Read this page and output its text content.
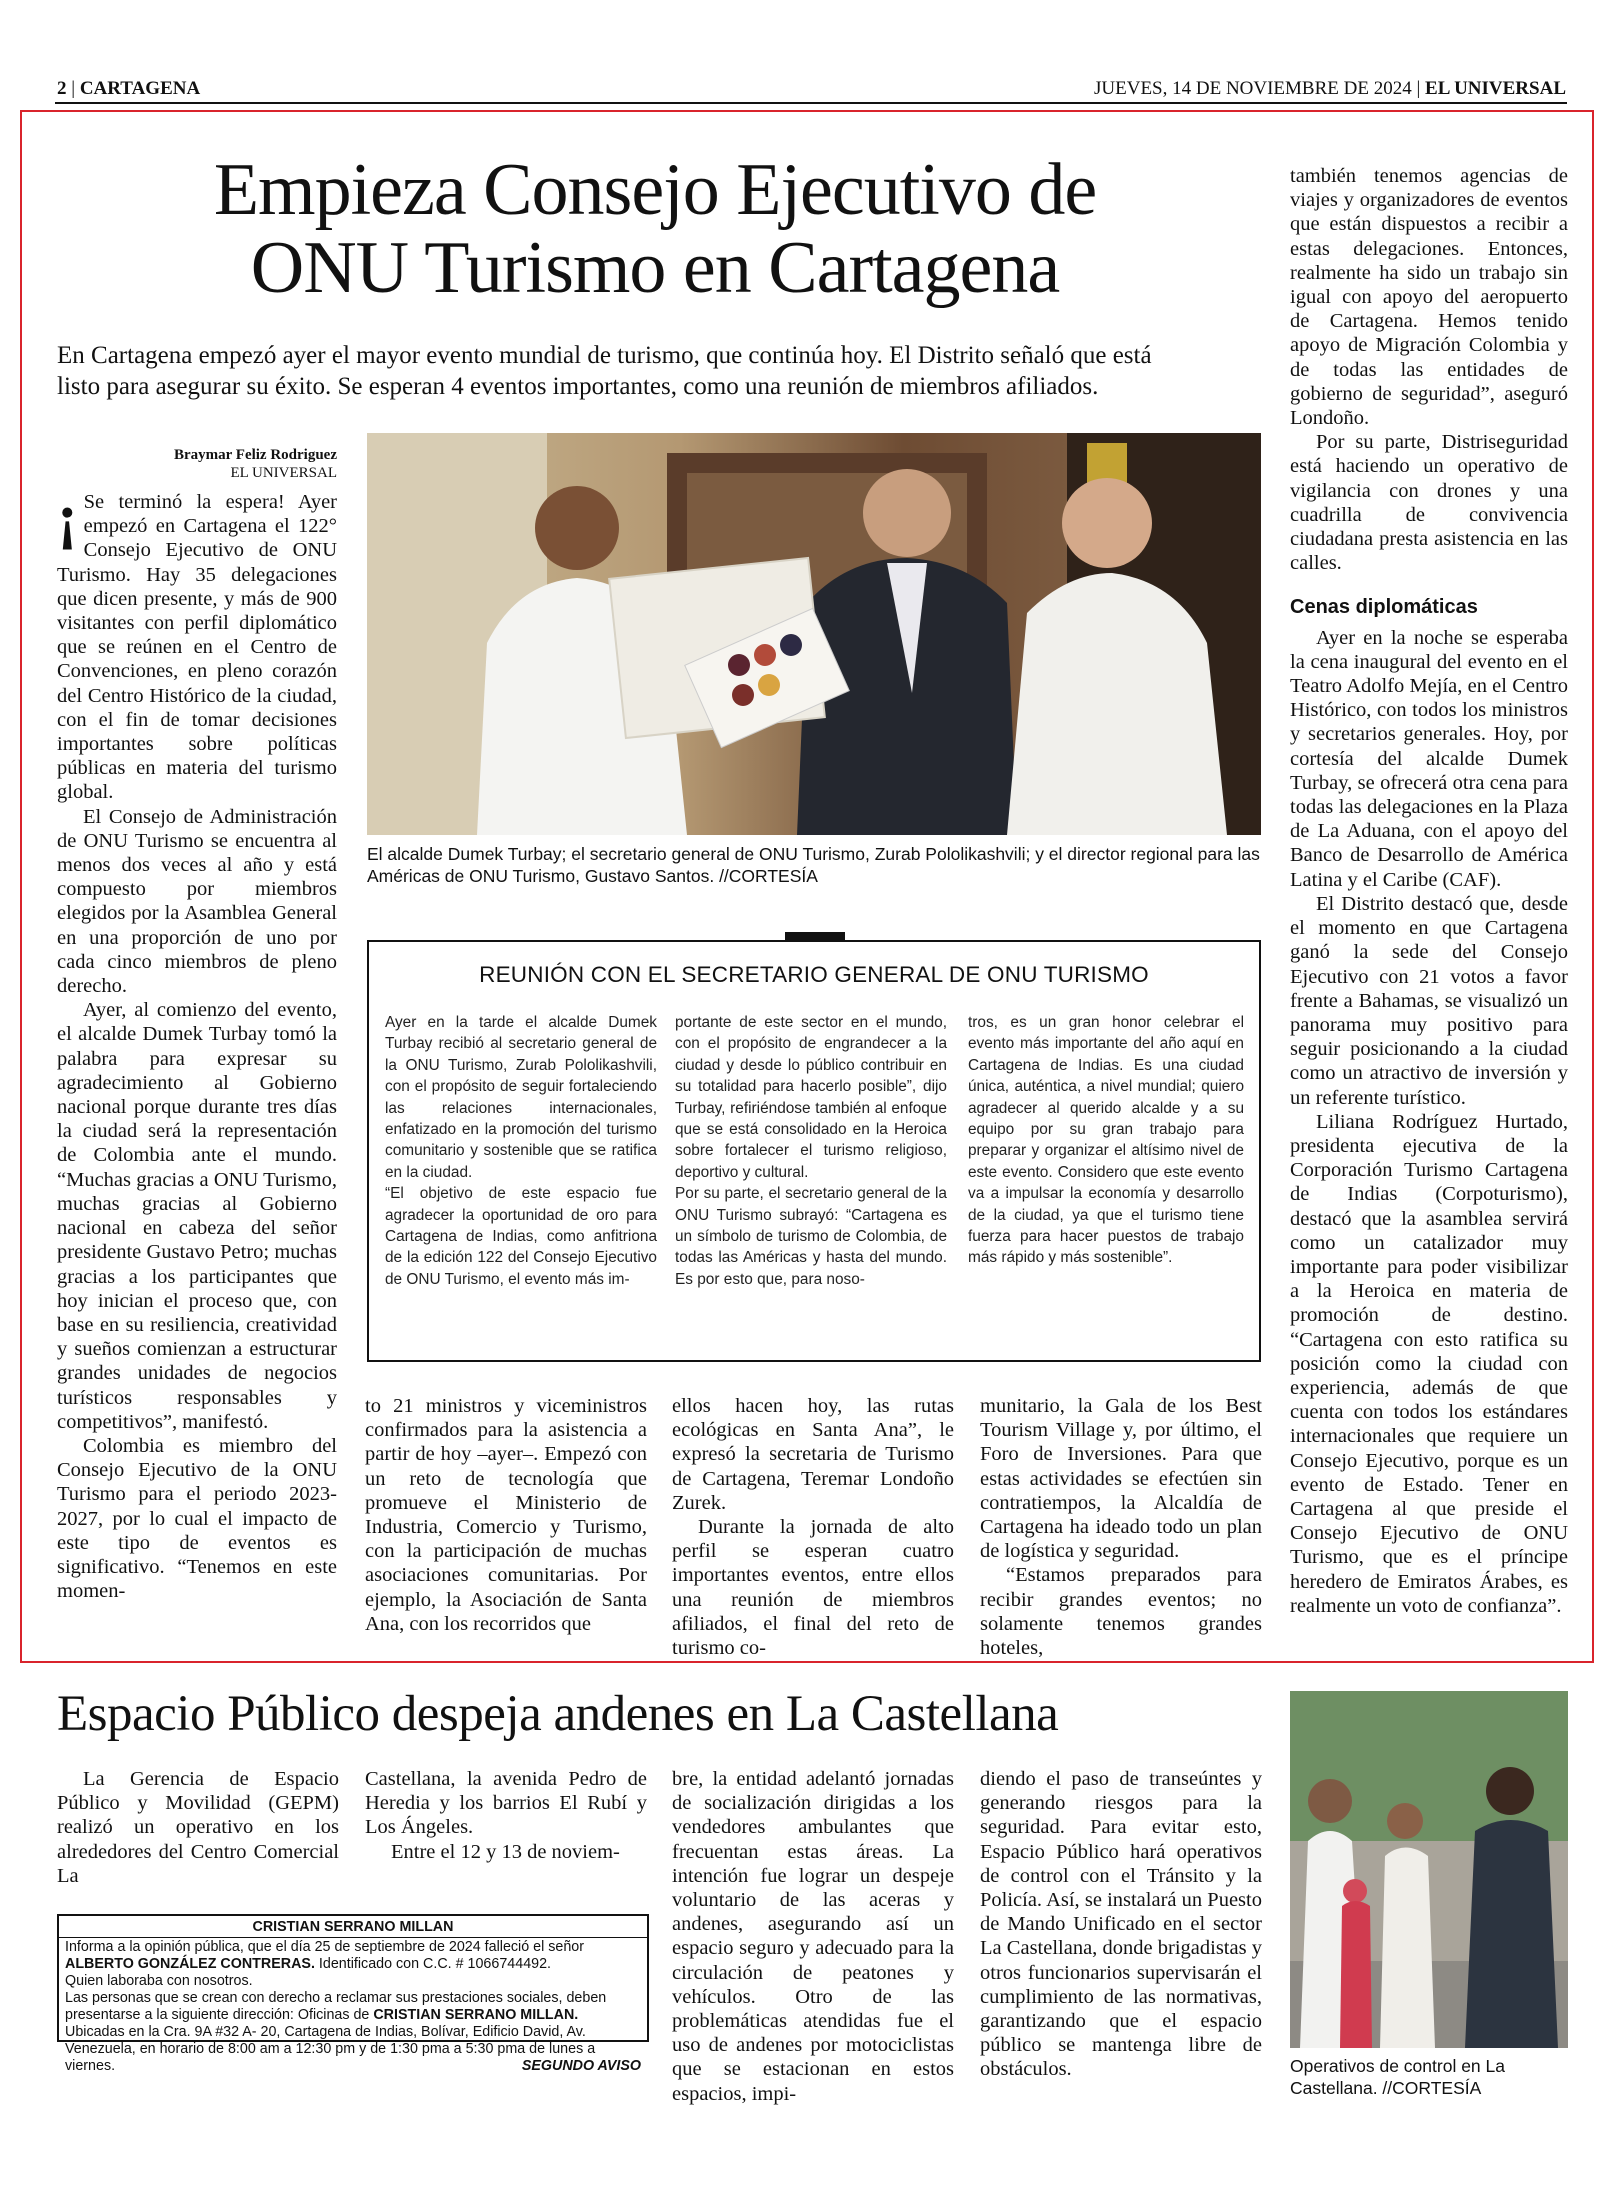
2 | CARTAGENA	JUEVES, 14 DE NOVIEMBRE DE 2024 | EL UNIVERSAL
Empieza Consejo Ejecutivo de
ONU Turismo en Cartagena
En Cartagena empezó ayer el mayor evento mundial de turismo, que continúa hoy. El Distrito señaló que está
listo para asegurar su éxito. Se esperan 4 eventos importantes, como una reunión de miembros afiliados.
Braymar Feliz Rodriguez
EL UNIVERSAL

¡ Se terminó la espera! Ayer empezó en Cartagena el 122° Consejo Ejecutivo de ONU Turismo. Hay 35 delegaciones que dicen presente, y más de 900 visitantes con perfil diplomático que se reúnen en el Centro de Convenciones, en pleno corazón del Centro Histórico de la ciudad, con el fin de tomar decisiones importantes sobre políticas públicas en materia del turismo global.

El Consejo de Administración de ONU Turismo se encuentra al menos dos veces al año y está compuesto por miembros elegidos por la Asamblea General en una proporción de uno por cada cinco miembros de pleno derecho.

Ayer, al comienzo del evento, el alcalde Dumek Turbay tomó la palabra para expresar su agradecimiento al Gobierno nacional porque durante tres días la ciudad será la representación de Colombia ante el mundo. “Muchas gracias a ONU Turismo, muchas gracias al Gobierno nacional en cabeza del señor presidente Gustavo Petro; muchas gracias a los participantes que hoy inician el proceso que, con base en su resiliencia, creatividad y sueños comienzan a estructurar grandes unidades de negocios turísticos responsables y competitivos”, manifestó.

Colombia es miembro del Consejo Ejecutivo de la ONU Turismo para el periodo 2023-2027, por lo cual el impacto de este tipo de eventos es significativo. “Tenemos en este momen-

El alcalde Dumek Turbay; el secretario general de ONU Turismo, Zurab Pololikashvili; y el director regional para las Américas de ONU Turismo, Gustavo Santos. //CORTESÍA
REUNIÓN CON EL SECRETARIO GENERAL DE ONU TURISMO

Ayer en la tarde el alcalde Dumek Turbay recibió al secretario general de la ONU Turismo, Zurab Pololikashvili, con el propósito de seguir fortaleciendo las relaciones internacionales, enfatizado en la promoción del turismo comunitario y sostenible que se ratifica en la ciudad.

“El objetivo de este espacio fue agradecer la oportunidad de oro para Cartagena de Indias, como anfitriona de la edición 122 del Consejo Ejecutivo de ONU Turismo, el evento más im-

portante de este sector en el mundo, con el propósito de engrandecer a la ciudad y desde lo público contribuir en su totalidad para hacerlo posible”, dijo Turbay, refiriéndose también al enfoque que se está consolidado en la Heroica sobre fortalecer el turismo religioso, deportivo y cultural.

Por su parte, el secretario general de la ONU Turismo subrayó: “Cartagena es un símbolo de turismo de Colombia, de todas las Américas y hasta del mundo. Es por esto que, para noso-

tros, es un gran honor celebrar el evento más importante del año aquí en Cartagena de Indias. Es una ciudad única, auténtica, a nivel mundial; quiero agradecer al querido alcalde y a su equipo por su gran trabajo para preparar y organizar el altísimo nivel de este evento. Considero que este evento va a impulsar la economía y desarrollo de la ciudad, ya que el turismo tiene fuerza para hacer puestos de trabajo más rápido y más sostenible”.

to 21 ministros y viceministros confirmados para la asistencia a partir de hoy –ayer–. Empezó con un reto de tecnología que promueve el Ministerio de Industria, Comercio y Turismo, con la participación de muchas asociaciones comunitarias. Por ejemplo, la Asociación de Santa Ana, con los recorridos que

ellos hacen hoy, las rutas ecológicas en Santa Ana”, le expresó la secretaria de Turismo de Cartagena, Teremar Londoño Zurek.

Durante la jornada de alto perfil se esperan cuatro importantes eventos, entre ellos una reunión de miembros afiliados, el final del reto de turismo co-

munitario, la Gala de los Best Tourism Village y, por último, el Foro de Inversiones. Para que estas actividades se efectúen sin contratiempos, la Alcaldía de Cartagena ha ideado todo un plan de logística y seguridad.

“Estamos preparados para recibir grandes eventos; no solamente tenemos grandes hoteles,

también tenemos agencias de viajes y organizadores de eventos que están dispuestos a recibir a estas delegaciones. Entonces, realmente ha sido un trabajo sin igual con apoyo del aeropuerto de Cartagena. Hemos tenido apoyo de Migración Colombia y de todas las entidades de gobierno de seguridad”, aseguró Londoño.

Por su parte, Distriseguridad está haciendo un operativo de vigilancia con drones y una cuadrilla de convivencia ciudadana presta asistencia en las calles.

Cenas diplomáticas

Ayer en la noche se esperaba la cena inaugural del evento en el Teatro Adolfo Mejía, en el Centro Histórico, con todos los ministros y secretarios generales. Hoy, por cortesía del alcalde Dumek Turbay, se ofrecerá otra cena para todas las delegaciones en la Plaza de La Aduana, con el apoyo del Banco de Desarrollo de América Latina y el Caribe (CAF).

El Distrito destacó que, desde el momento en que Cartagena ganó la sede del Consejo Ejecutivo con 21 votos a favor frente a Bahamas, se visualizó un panorama muy positivo para seguir posicionando a la ciudad como un atractivo de inversión y un referente turístico.

Liliana Rodríguez Hurtado, presidenta ejecutiva de la Corporación Turismo Cartagena de Indias (Corpoturismo), destacó que la asamblea servirá como un catalizador muy importante para poder visibilizar a la Heroica en materia de promoción de destino. “Cartagena con esto ratifica su posición como la ciudad con experiencia, además de que cuenta con todos los estándares internacionales que requiere un Consejo Ejecutivo, porque es un evento de Estado. Tener en Cartagena al que preside el Consejo Ejecutivo de ONU Turismo, que es el príncipe heredero de Emiratos Árabes, es realmente un voto de confianza”.

Espacio Público despeja andenes en La Castellana

La Gerencia de Espacio Público y Movilidad (GEPM) realizó un operativo en los alrededores del Centro Comercial La

Castellana, la avenida Pedro de Heredia y los barrios El Rubí y Los Ángeles.

Entre el 12 y 13 de noviem-

bre, la entidad adelantó jornadas de socialización dirigidas a los vendedores ambulantes que frecuentan estas áreas. La intención fue lograr un despeje voluntario de las aceras y andenes, asegurando así un espacio seguro y adecuado para la circulación de peatones y vehículos. Otro de las problemáticas atendidas fue el uso de andenes por motociclistas que se estacionan en estos espacios, impi-

diendo el paso de transeúntes y generando riesgos para la seguridad. Para evitar esto, Espacio Público hará operativos de control con el Tránsito y la Policía. Así, se instalará un Puesto de Mando Unificado en el sector La Castellana, donde brigadistas y otros funcionarios supervisarán el cumplimiento de las normativas, garantizando que el espacio público se mantenga libre de obstáculos.	Operativos de control en La Castellana. //CORTESÍA
CRISTIAN SERRANO MILLAN
Informa a la opinión pública, que el día 25 de septiembre de 2024 falleció el señor
ALBERTO GONZÁLEZ CONTRERAS. Identificado con C.C. # 1066744492.
Quien laboraba con nosotros.
Las personas que se crean con derecho a reclamar sus prestaciones sociales, deben presentarse a la siguiente dirección: Oficinas de CRISTIAN SERRANO MILLAN. Ubicadas en la Cra. 9A #32 A- 20, Cartagena de Indias, Bolívar, Edificio David, Av. Venezuela, en horario de 8:00 am a 12:30 pm y de 1:30 pma a 5:30 pma de lunes a viernes.	SEGUNDO AVISO
